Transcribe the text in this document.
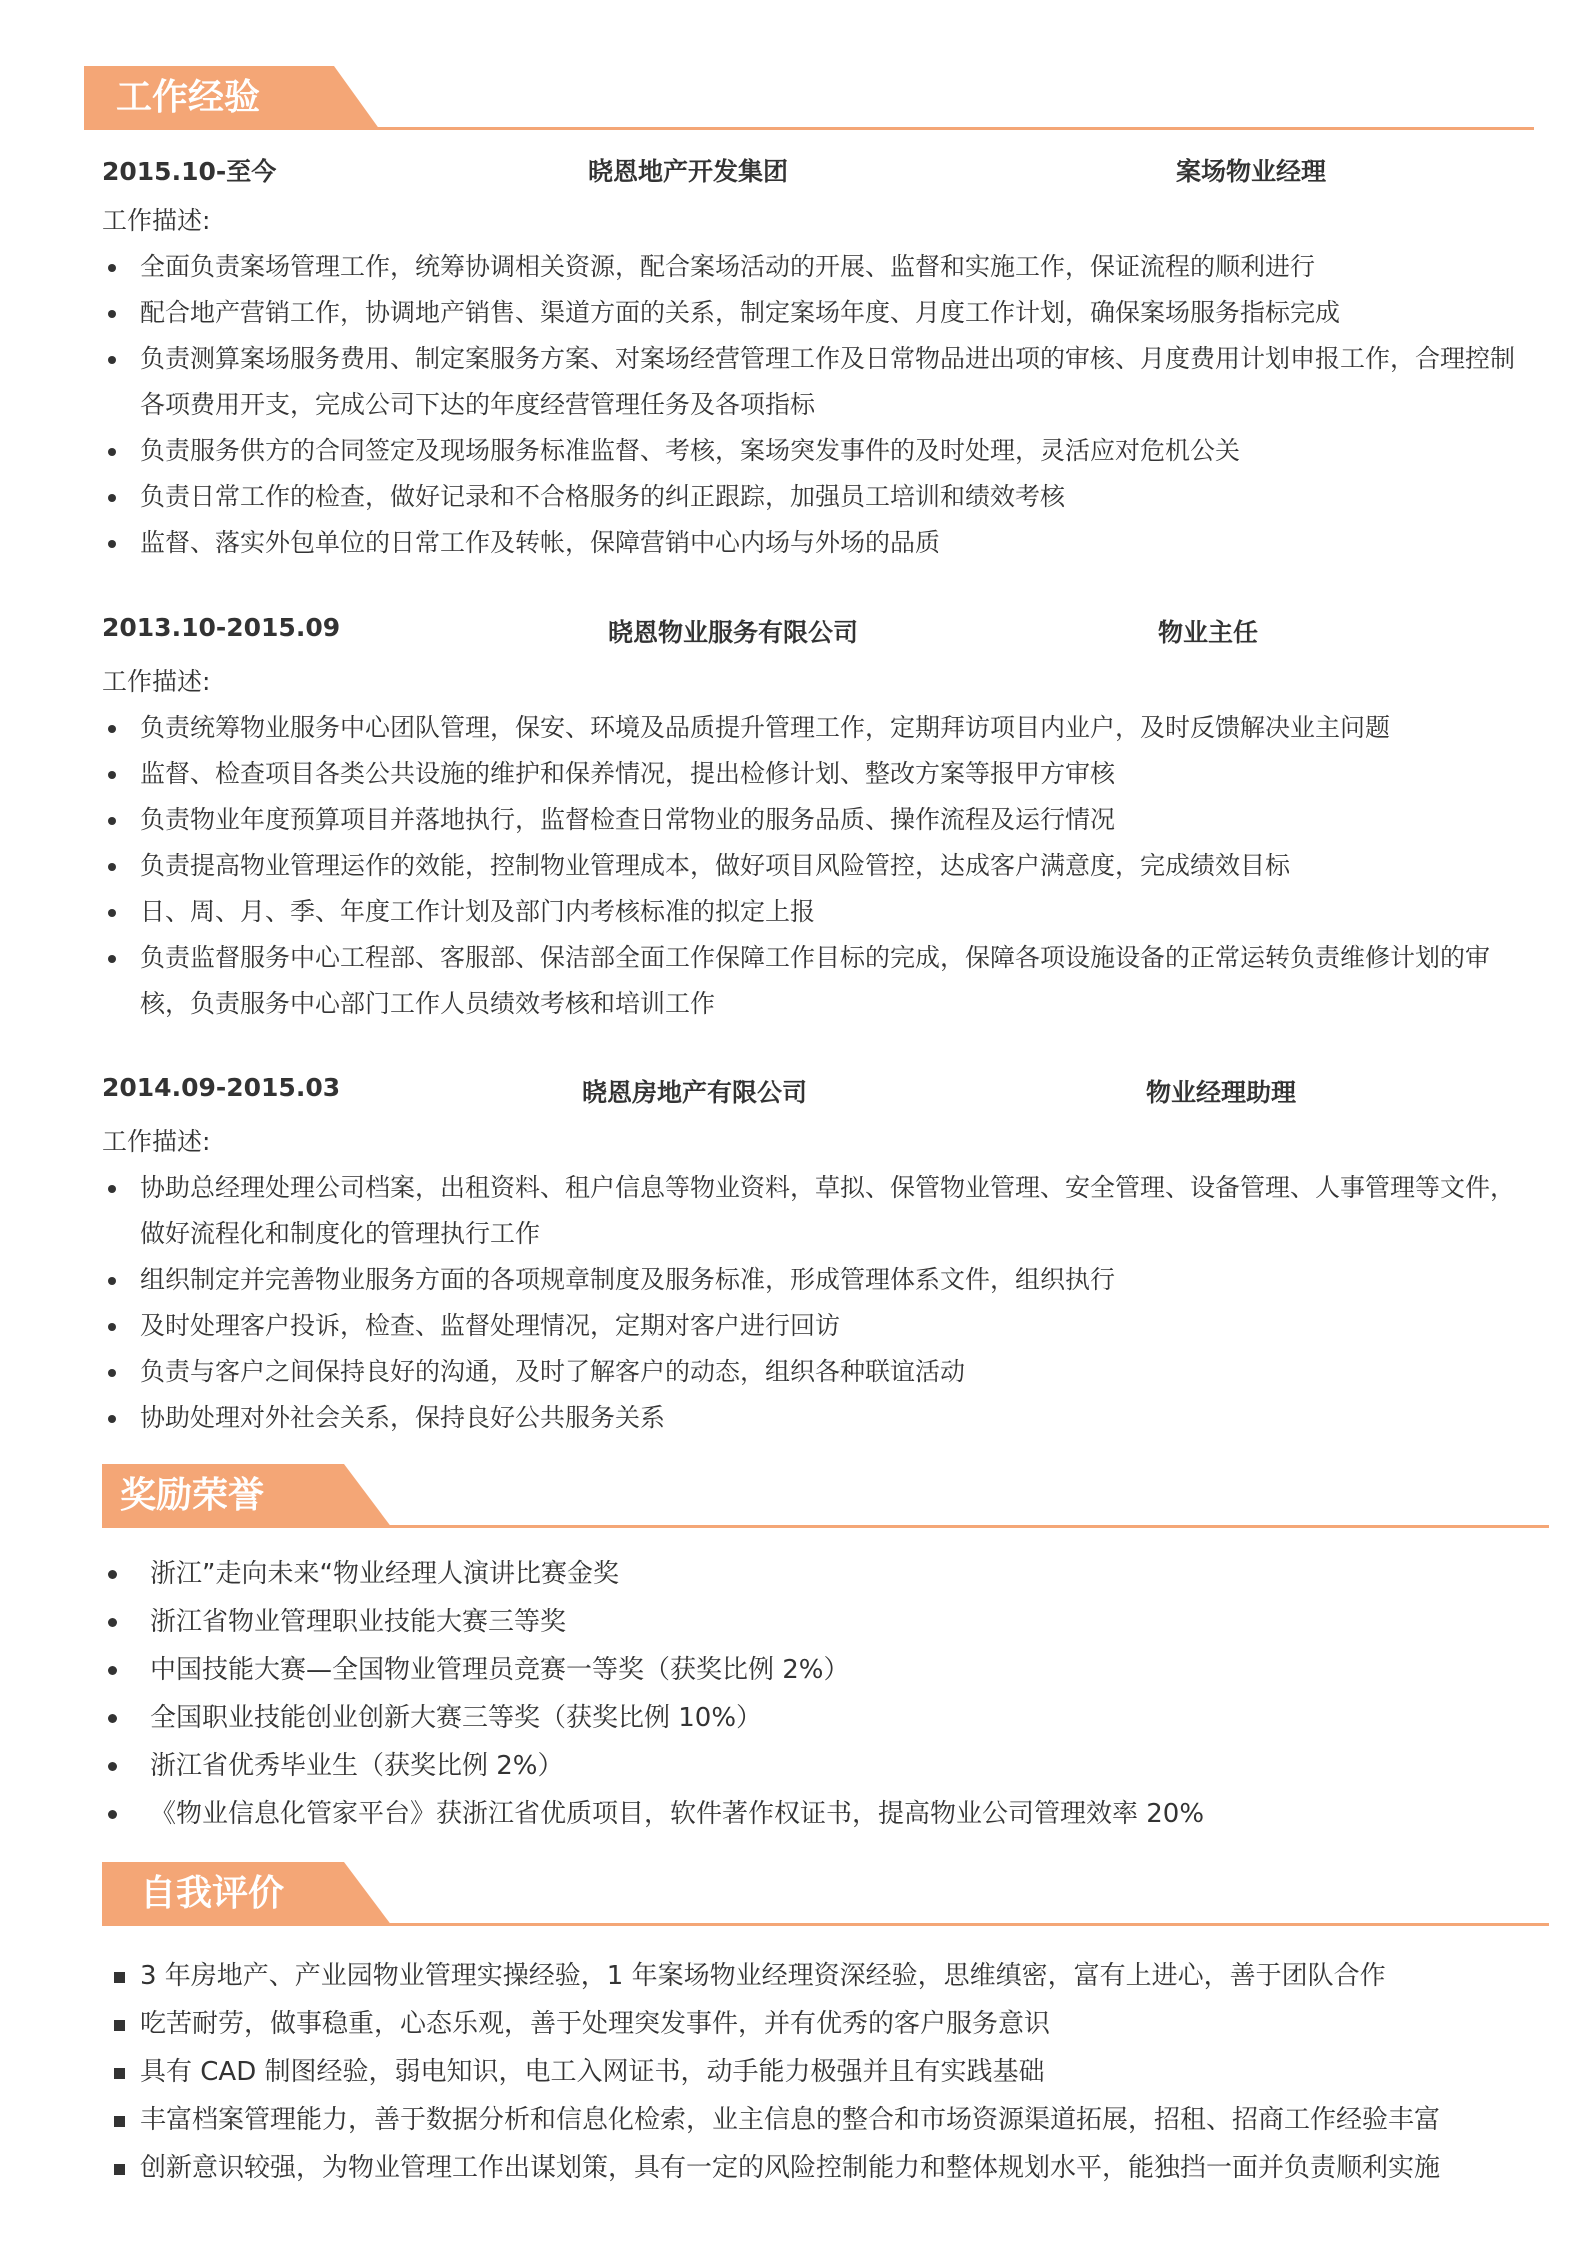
工作经验
2015.10-至今	晓恩地产开发集团	案场物业经理
工作描述:
全面负责案场管理工作，统筹协调相关资源，配合案场活动的开展、监督和实施工作，保证流程的顺利进行
配合地产营销工作，协调地产销售、渠道方面的关系，制定案场年度、月度工作计划，确保案场服务指标完成
负责测算案场服务费用、制定案服务方案、对案场经营管理工作及日常物品进出项的审核、月度费用计划申报工作，合理控制各项费用开支，完成公司下达的年度经营管理任务及各项指标
负责服务供方的合同签定及现场服务标准监督、考核，案场突发事件的及时处理，灵活应对危机公关
负责日常工作的检查，做好记录和不合格服务的纠正跟踪，加强员工培训和绩效考核
监督、落实外包单位的日常工作及转帐，保障营销中心内场与外场的品质
2013.10-2015.09	晓恩物业服务有限公司	物业主任
工作描述:
负责统筹物业服务中心团队管理，保安、环境及品质提升管理工作，定期拜访项目内业户，及时反馈解决业主问题
监督、检查项目各类公共设施的维护和保养情况，提出检修计划、整改方案等报甲方审核
负责物业年度预算项目并落地执行，监督检查日常物业的服务品质、操作流程及运行情况
负责提高物业管理运作的效能，控制物业管理成本，做好项目风险管控，达成客户满意度，完成绩效目标
日、周、月、季、年度工作计划及部门内考核标准的拟定上报
负责监督服务中心工程部、客服部、保洁部全面工作保障工作目标的完成，保障各项设施设备的正常运转负责维修计划的审核，负责服务中心部门工作人员绩效考核和培训工作
2014.09-2015.03	晓恩房地产有限公司	物业经理助理
工作描述:
协助总经理处理公司档案，出租资料、租户信息等物业资料，草拟、保管物业管理、安全管理、设备管理、人事管理等文件，做好流程化和制度化的管理执行工作
组织制定并完善物业服务方面的各项规章制度及服务标准，形成管理体系文件，组织执行
及时处理客户投诉，检查、监督处理情况，定期对客户进行回访
负责与客户之间保持良好的沟通，及时了解客户的动态，组织各种联谊活动
协助处理对外社会关系，保持良好公共服务关系
奖励荣誉
浙江”走向未来“物业经理人演讲比赛金奖
浙江省物业管理职业技能大赛三等奖
中国技能大赛—全国物业管理员竞赛一等奖（获奖比例 2%）
全国职业技能创业创新大赛三等奖（获奖比例 10%）
浙江省优秀毕业生（获奖比例 2%）
《物业信息化管家平台》获浙江省优质项目，软件著作权证书，提高物业公司管理效率 20%
自我评价
3 年房地产、产业园物业管理实操经验，1 年案场物业经理资深经验，思维缜密，富有上进心，善于团队合作
吃苦耐劳，做事稳重，心态乐观，善于处理突发事件，并有优秀的客户服务意识
具有 CAD 制图经验，弱电知识，电工入网证书，动手能力极强并且有实践基础
丰富档案管理能力，善于数据分析和信息化检索，业主信息的整合和市场资源渠道拓展，招租、招商工作经验丰富
创新意识较强，为物业管理工作出谋划策，具有一定的风险控制能力和整体规划水平，能独挡一面并负责顺利实施
